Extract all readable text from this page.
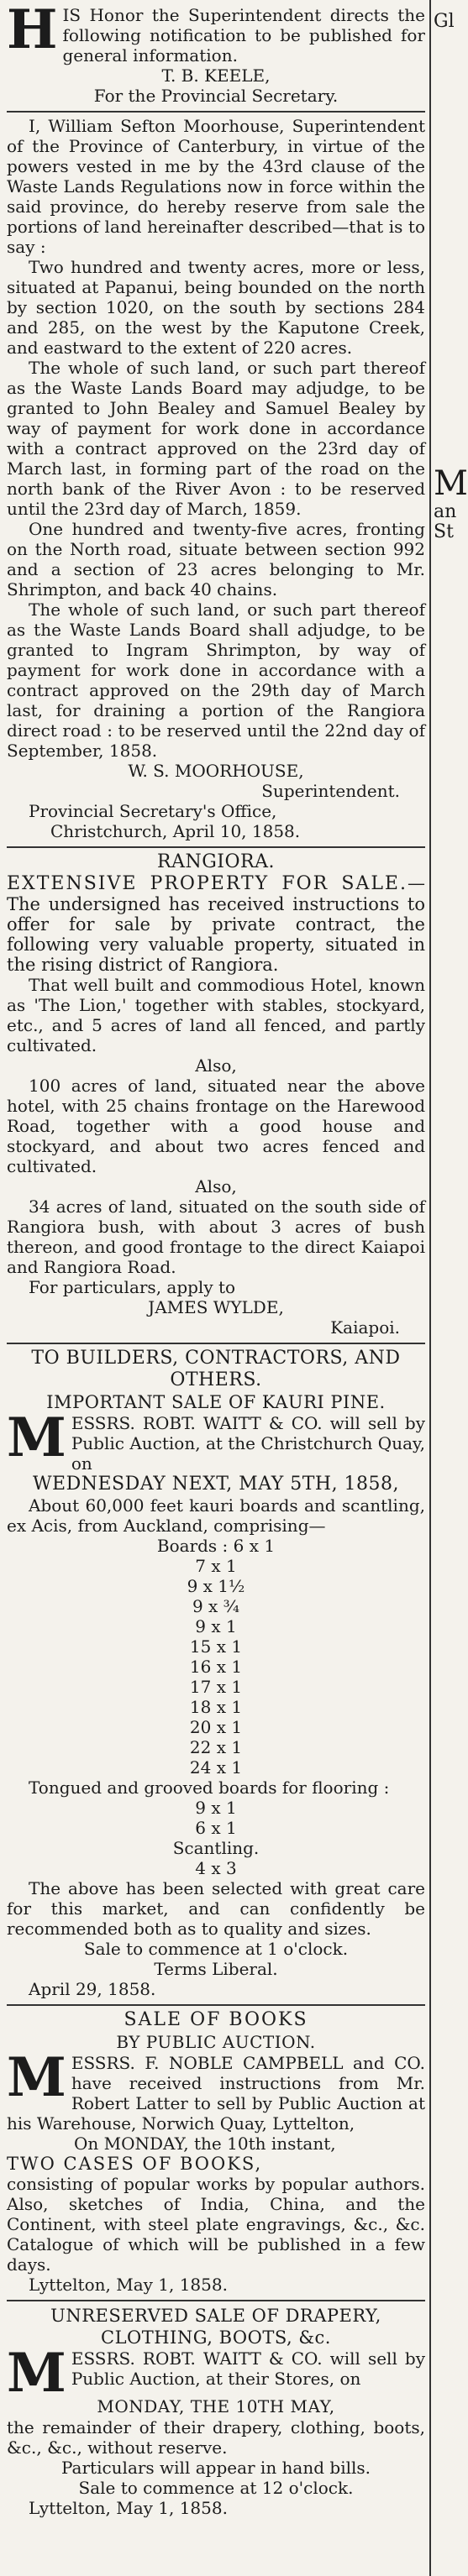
HIS Honor the Superintendent directs the following notification to be published for general information.

T. B. KEELE,

For the Provincial Secretary.

I, William Sefton Moorhouse, Superintendent of the Province of Canterbury, in virtue of the powers vested in me by the 43rd clause of the Waste Lands Regulations now in force within the said province, do hereby reserve from sale the portions of land hereinafter described—that is to say :

Two hundred and twenty acres, more or less, situated at Papanui, being bounded on the north by section 1020, on the south by sections 284 and 285, on the west by the Kaputone Creek, and eastward to the extent of 220 acres.

The whole of such land, or such part thereof as the Waste Lands Board may adjudge, to be granted to John Bealey and Samuel Bealey by way of payment for work done in accordance with a contract approved on the 23rd day of March last, in forming part of the road on the north bank of the River Avon : to be reserved until the 23rd day of March, 1859.

One hundred and twenty-five acres, fronting on the North road, situate between section 992 and a section of 23 acres belonging to Mr. Shrimpton, and back 40 chains.

The whole of such land, or such part thereof as the Waste Lands Board shall adjudge, to be granted to Ingram Shrimpton, by way of payment for work done in accordance with a contract approved on the 29th day of March last, for draining a portion of the Rangiora direct road : to be reserved until the 22nd day of September, 1858.

W. S. MOORHOUSE,

Superintendent.

Provincial Secretary's Office,

Christchurch, April 10, 1858.

RANGIORA.

EXTENSIVE PROPERTY FOR SALE.—The undersigned has received instructions to offer for sale by private contract, the following very valuable property, situated in the rising district of Rangiora.

That well built and commodious Hotel, known as 'The Lion,' together with stables, stockyard, etc., and 5 acres of land all fenced, and partly cultivated.

Also,

100 acres of land, situated near the above hotel, with 25 chains frontage on the Harewood Road, together with a good house and stockyard, and about two acres fenced and cultivated.

Also,

34 acres of land, situated on the south side of Rangiora bush, with about 3 acres of bush thereon, and good frontage to the direct Kaiapoi and Rangiora Road.

For particulars, apply to

JAMES WYLDE,

Kaiapoi.

TO BUILDERS, CONTRACTORS, AND

OTHERS.

IMPORTANT SALE OF KAURI PINE.

MESSRS. ROBT. WAITT & CO. will sell by Public Auction, at the Christchurch Quay, on

WEDNESDAY NEXT, MAY 5TH, 1858,

About 60,000 feet kauri boards and scantling, ex Acis, from Auckland, comprising—

Boards : 6 x 1
7 x 1
9 x 1½
9 x ¾
9 x 1
15 x 1
16 x 1
17 x 1
18 x 1
20 x 1
22 x 1
24 x 1

Tongued and grooved boards for flooring :

9 x 1
6 x 1

Scantling.

4 x 3

The above has been selected with great care for this market, and can confidently be recommended both as to quality and sizes.

Sale to commence at 1 o'clock.

Terms Liberal.

April 29, 1858.

SALE OF BOOKS

BY PUBLIC AUCTION.

MESSRS. F. NOBLE CAMPBELL and CO. have received instructions from Mr. Robert Latter to sell by Public Auction at his Warehouse, Norwich Quay, Lyttelton,

On MONDAY, the 10th instant,

TWO CASES OF BOOKS,

consisting of popular works by popular authors. Also, sketches of India, China, and the Continent, with steel plate engravings, &c., &c. Catalogue of which will be published in a few days.

Lyttelton, May 1, 1858.

UNRESERVED SALE OF DRAPERY,

CLOTHING, BOOTS, &c.

MESSRS. ROBT. WAITT & CO. will sell by Public Auction, at their Stores, on

MONDAY, THE 10TH MAY,

the remainder of their drapery, clothing, boots, &c., &c., without reserve.

Particulars will appear in hand bills.

Sale to commence at 12 o'clock.

Lyttelton, May 1, 1858.

Gl
M
an
St
